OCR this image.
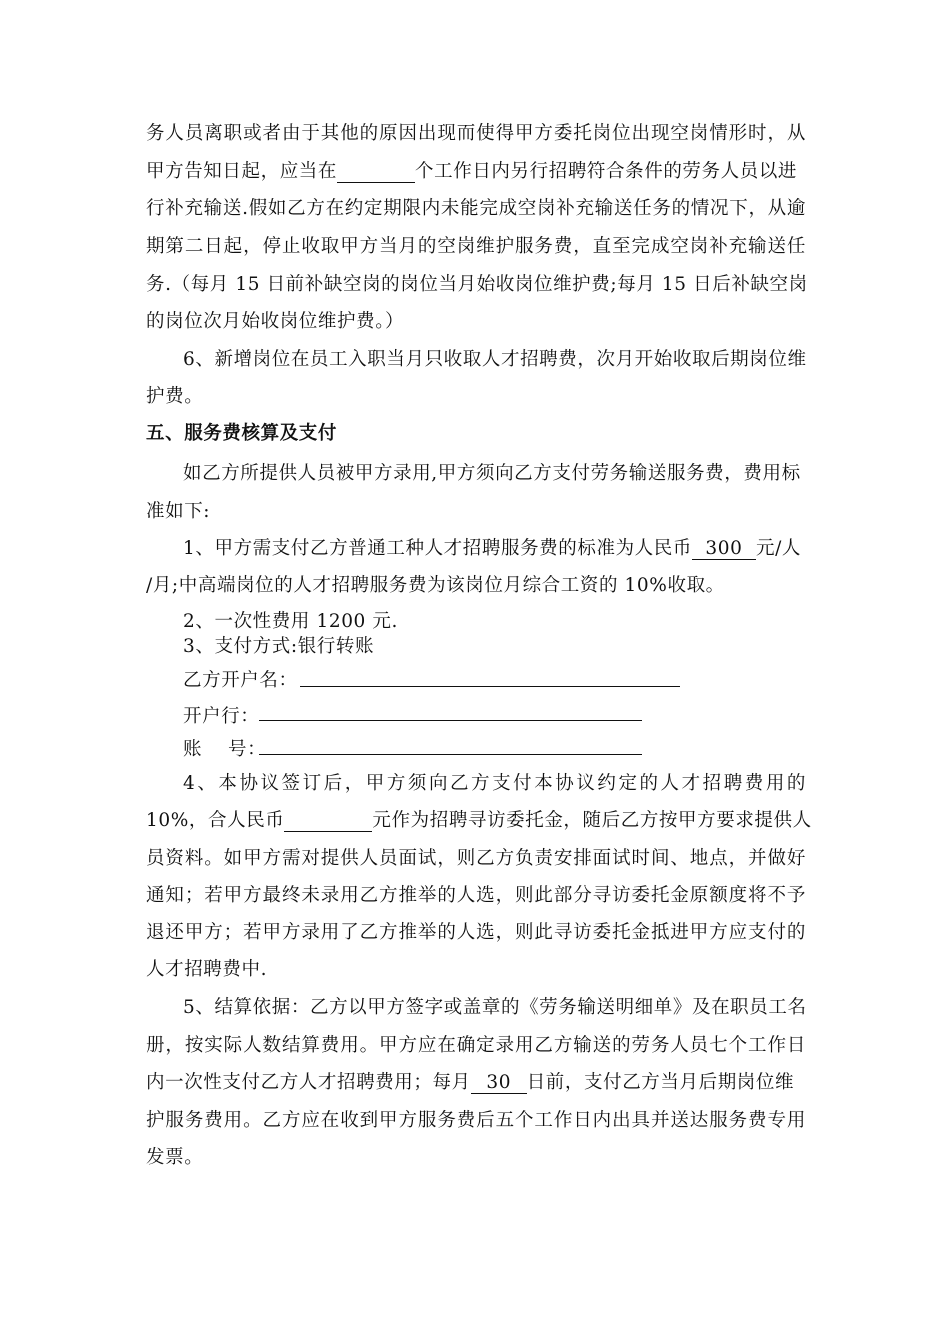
务人员离职或者由于其他的原因出现而使得甲方委托岗位出现空岗情形时，从
甲方告知日起，应当在	个工作日内另行招聘符合条件的劳务人员以进
行补充输送.假如乙方在约定期限内未能完成空岗补充输送任务的情况下，从逾
期第二日起，停止收取甲方当月的空岗维护服务费，直至完成空岗补充输送任
务.（每月 15 日前补缺空岗的岗位当月始收岗位维护费;每月 15 日后补缺空岗
的岗位次月始收岗位维护费。）
6、新增岗位在员工入职当月只收取人才招聘费，次月开始收取后期岗位维
护费。
五、服务费核算及支付
如乙方所提供人员被甲方录用,甲方须向乙方支付劳务输送服务费，费用标
准如下:
1、甲方需支付乙方普通工种人才招聘服务费的标准为人民币 300 元/人
/月;中高端岗位的人才招聘服务费为该岗位月综合工资的 10%收取。
2、一次性费用 1200 元.
3、支付方式:银行转账
乙方开户名：
开户行：
账    号：
4、本协议签订后，甲方须向乙方支付本协议约定的人才招聘费用的
10%，合人民币	元作为招聘寻访委托金，随后乙方按甲方要求提供人
员资料。如甲方需对提供人员面试，则乙方负责安排面试时间、地点，并做好
通知；若甲方最终未录用乙方推举的人选，则此部分寻访委托金原额度将不予
退还甲方；若甲方录用了乙方推举的人选，则此寻访委托金抵进甲方应支付的
人才招聘费中.
5、结算依据：乙方以甲方签字或盖章的《劳务输送明细单》及在职员工名
册，按实际人数结算费用。甲方应在确定录用乙方输送的劳务人员七个工作日
内一次性支付乙方人才招聘费用；每月 30 日前，支付乙方当月后期岗位维
护服务费用。乙方应在收到甲方服务费后五个工作日内出具并送达服务费专用
发票。
